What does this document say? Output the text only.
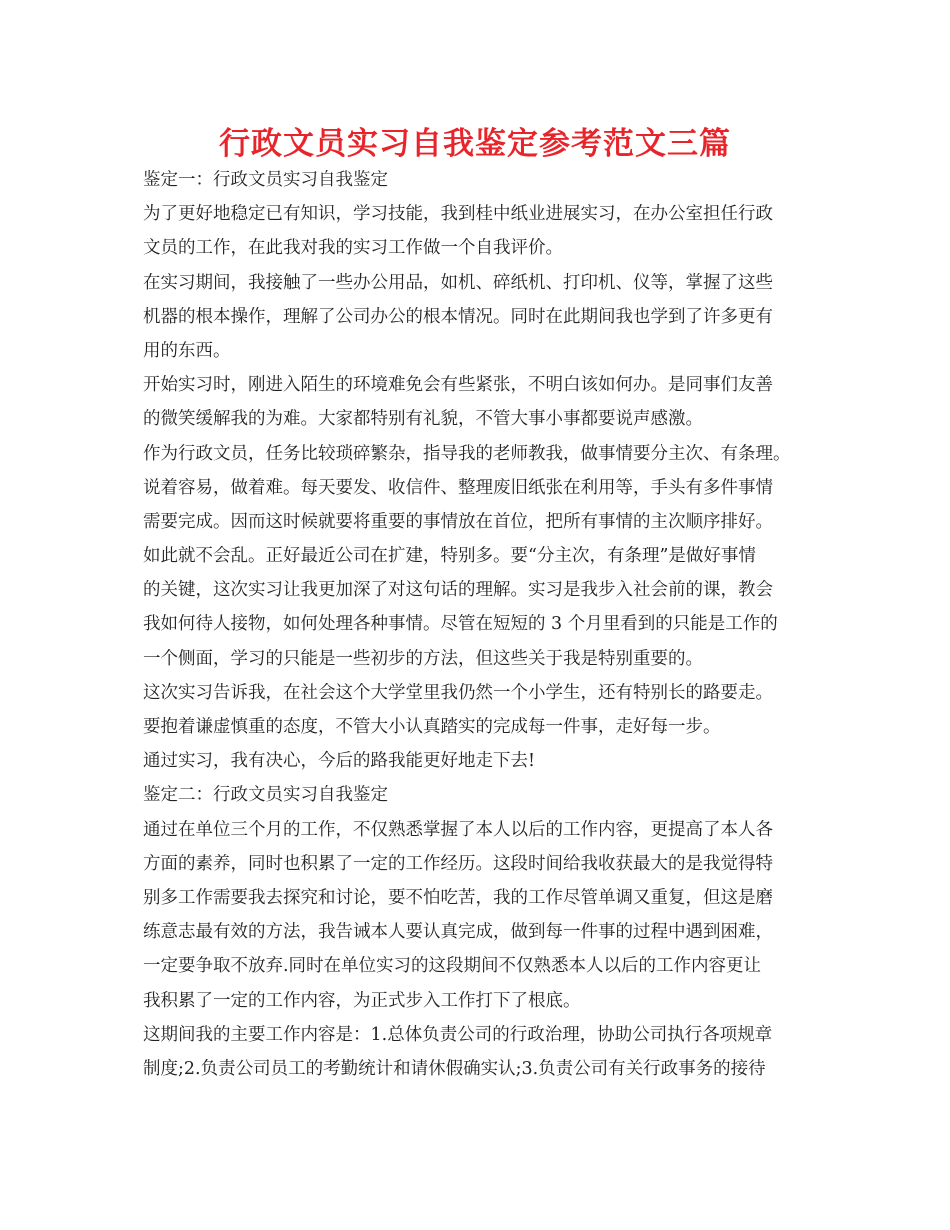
行政文员实习自我鉴定参考范文三篇
鉴定一：行政文员实习自我鉴定
为了更好地稳定已有知识，学习技能，我到桂中纸业进展实习，在办公室担任行政
文员的工作，在此我对我的实习工作做一个自我评价。
在实习期间，我接触了一些办公用品，如机、碎纸机、打印机、仪等，掌握了这些
机器的根本操作，理解了公司办公的根本情况。同时在此期间我也学到了许多更有
用的东西。
开始实习时，刚进入陌生的环境难免会有些紧张，不明白该如何办。是同事们友善
的微笑缓解我的为难。大家都特别有礼貌，不管大事小事都要说声感激。
作为行政文员，任务比较琐碎繁杂，指导我的老师教我，做事情要分主次、有条理。
说着容易，做着难。每天要发、收信件、整理废旧纸张在利用等，手头有多件事情
需要完成。因而这时候就要将重要的事情放在首位，把所有事情的主次顺序排好。
如此就不会乱。正好最近公司在扩建，特别多。要“分主次，有条理”是做好事情
的关键，这次实习让我更加深了对这句话的理解。实习是我步入社会前的课，教会
我如何待人接物，如何处理各种事情。尽管在短短的 3 个月里看到的只能是工作的
一个侧面，学习的只能是一些初步的方法，但这些关于我是特别重要的。
这次实习告诉我，在社会这个大学堂里我仍然一个小学生，还有特别长的路要走。
要抱着谦虚慎重的态度，不管大小认真踏实的完成每一件事，走好每一步。
通过实习，我有决心，今后的路我能更好地走下去!
鉴定二：行政文员实习自我鉴定
通过在单位三个月的工作，不仅熟悉掌握了本人以后的工作内容，更提高了本人各
方面的素养，同时也积累了一定的工作经历。这段时间给我收获最大的是我觉得特
别多工作需要我去探究和讨论，要不怕吃苦，我的工作尽管单调又重复，但这是磨
练意志最有效的方法，我告诫本人要认真完成，做到每一件事的过程中遇到困难，
一定要争取不放弃.同时在单位实习的这段期间不仅熟悉本人以后的工作内容更让
我积累了一定的工作内容，为正式步入工作打下了根底。
这期间我的主要工作内容是：1.总体负责公司的行政治理，协助公司执行各项规章
制度;2.负责公司员工的考勤统计和请休假确实认;3.负责公司有关行政事务的接待
